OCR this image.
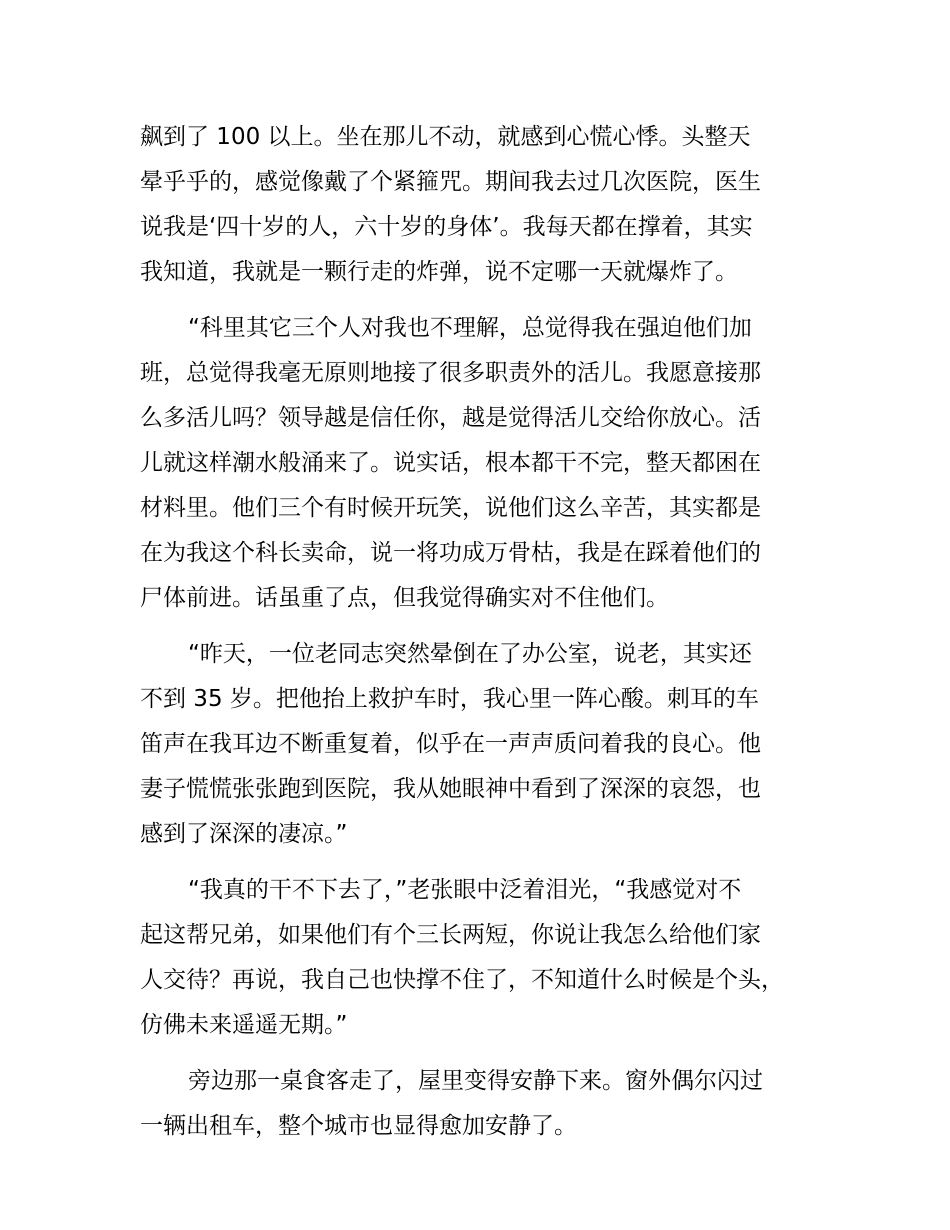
飙到了 100 以上。坐在那儿不动，就感到心慌心悸。头整天
晕乎乎的，感觉像戴了个紧箍咒。期间我去过几次医院，医生
说我是‘四十岁的人，六十岁的身体’。我每天都在撑着，其实
我知道，我就是一颗行走的炸弹，说不定哪一天就爆炸了。

“科里其它三个人对我也不理解，总觉得我在强迫他们加
班，总觉得我毫无原则地接了很多职责外的活儿。我愿意接那
么多活儿吗？领导越是信任你，越是觉得活儿交给你放心。活
儿就这样潮水般涌来了。说实话，根本都干不完，整天都困在
材料里。他们三个有时候开玩笑，说他们这么辛苦，其实都是
在为我这个科长卖命，说一将功成万骨枯，我是在踩着他们的
尸体前进。话虽重了点，但我觉得确实对不住他们。

“昨天，一位老同志突然晕倒在了办公室，说老，其实还
不到 35 岁。把他抬上救护车时，我心里一阵心酸。刺耳的车
笛声在我耳边不断重复着，似乎在一声声质问着我的良心。他
妻子慌慌张张跑到医院，我从她眼神中看到了深深的哀怨，也
感到了深深的凄凉。”

“我真的干不下去了，”老张眼中泛着泪光，“我感觉对不
起这帮兄弟，如果他们有个三长两短，你说让我怎么给他们家
人交待？再说，我自己也快撑不住了，不知道什么时候是个头，
仿佛未来遥遥无期。”

旁边那一桌食客走了，屋里变得安静下来。窗外偶尔闪过
一辆出租车，整个城市也显得愈加安静了。
